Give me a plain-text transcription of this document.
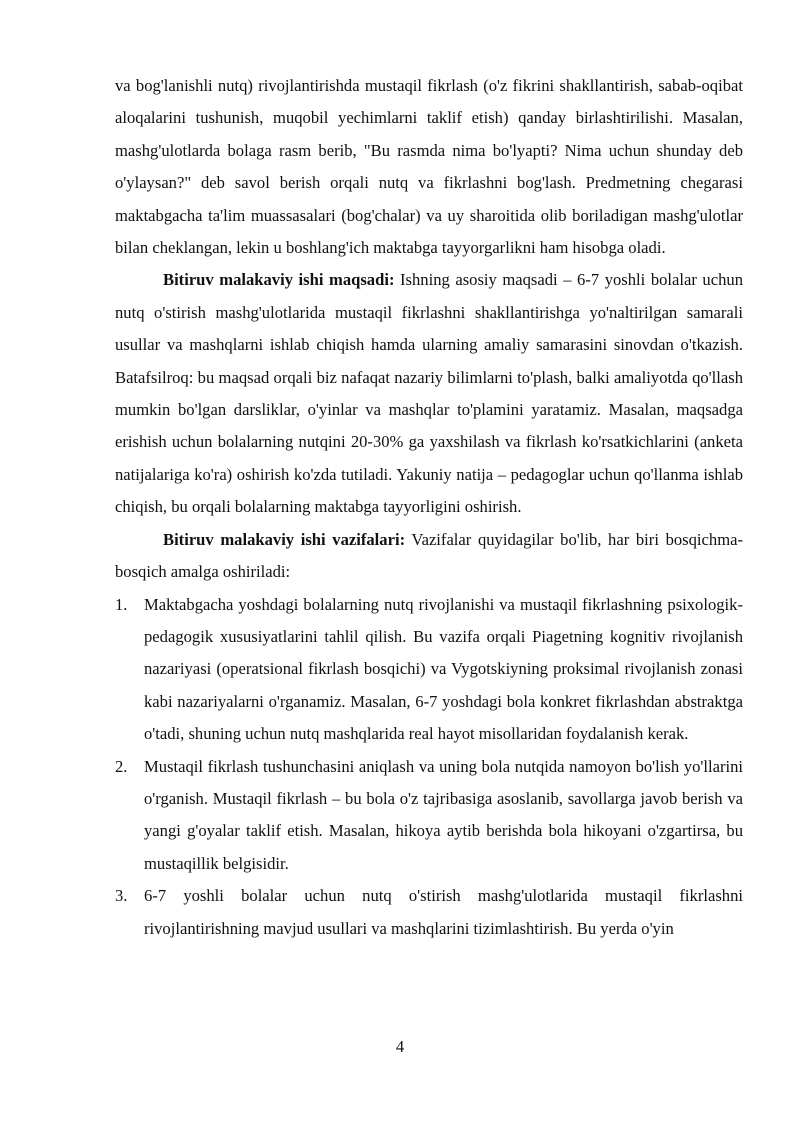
va bog'lanishli nutq) rivojlantirishda mustaqil fikrlash (o'z fikrini shakllantirish, sabab-oqibat aloqalarini tushunish, muqobil yechimlarni taklif etish) qanday birlashtirilishi. Masalan, mashg'ulotlarda bolaga rasm berib, "Bu rasmda nima bo'lyapti? Nima uchun shunday deb o'ylaysan?" deb savol berish orqali nutq va fikrlashni bog'lash. Predmetning chegarasi maktabgacha ta'lim muassasalari (bog'chalar) va uy sharoitida olib boriladigan mashg'ulotlar bilan cheklangan, lekin u boshlang'ich maktabga tayyorgarlikni ham hisobga oladi.

Bitiruv malakaviy ishi maqsadi: Ishning asosiy maqsadi – 6-7 yoshli bolalar uchun nutq o'stirish mashg'ulotlarida mustaqil fikrlashni shakllantirishga yo'naltirilgan samarali usullar va mashqlarni ishlab chiqish hamda ularning amaliy samarasini sinovdan o'tkazish. Batafsilroq: bu maqsad orqali biz nafaqat nazariy bilimlarni to'plash, balki amaliyotda qo'llash mumkin bo'lgan darsliklar, o'yinlar va mashqlar to'plamini yaratamiz. Masalan, maqsadga erishish uchun bolalarning nutqini 20-30% ga yaxshilash va fikrlash ko'rsatkichlarini (anketa natijalariga ko'ra) oshirish ko'zda tutiladi. Yakuniy natija – pedagoglar uchun qo'llanma ishlab chiqish, bu orqali bolalarning maktabga tayyorligini oshirish.

Bitiruv malakaviy ishi vazifalari: Vazifalar quyidagilar bo'lib, har biri bosqichma-bosqich amalga oshiriladi:

1. Maktabgacha yoshdagi bolalarning nutq rivojlanishi va mustaqil fikrlashning psixologik-pedagogik xususiyatlarini tahlil qilish. Bu vazifa orqali Piagetning kognitiv rivojlanish nazariyasi (operatsional fikrlash bosqichi) va Vygotskiyning proksimal rivojlanish zonasi kabi nazariyalarni o'rganamiz. Masalan, 6-7 yoshdagi bola konkret fikrlashdan abstraktga o'tadi, shuning uchun nutq mashqlarida real hayot misollaridan foydalanish kerak.
2. Mustaqil fikrlash tushunchasini aniqlash va uning bola nutqida namoyon bo'lish yo'llarini o'rganish. Mustaqil fikrlash – bu bola o'z tajribasiga asoslanib, savollarga javob berish va yangi g'oyalar taklif etish. Masalan, hikoya aytib berishda bola hikoyani o'zgartirsa, bu mustaqillik belgisidir.
3. 6-7 yoshli bolalar uchun nutq o'stirish mashg'ulotlarida mustaqil fikrlashni rivojlantirishning mavjud usullari va mashqlarini tizimlashtirish. Bu yerda o'yin
4
